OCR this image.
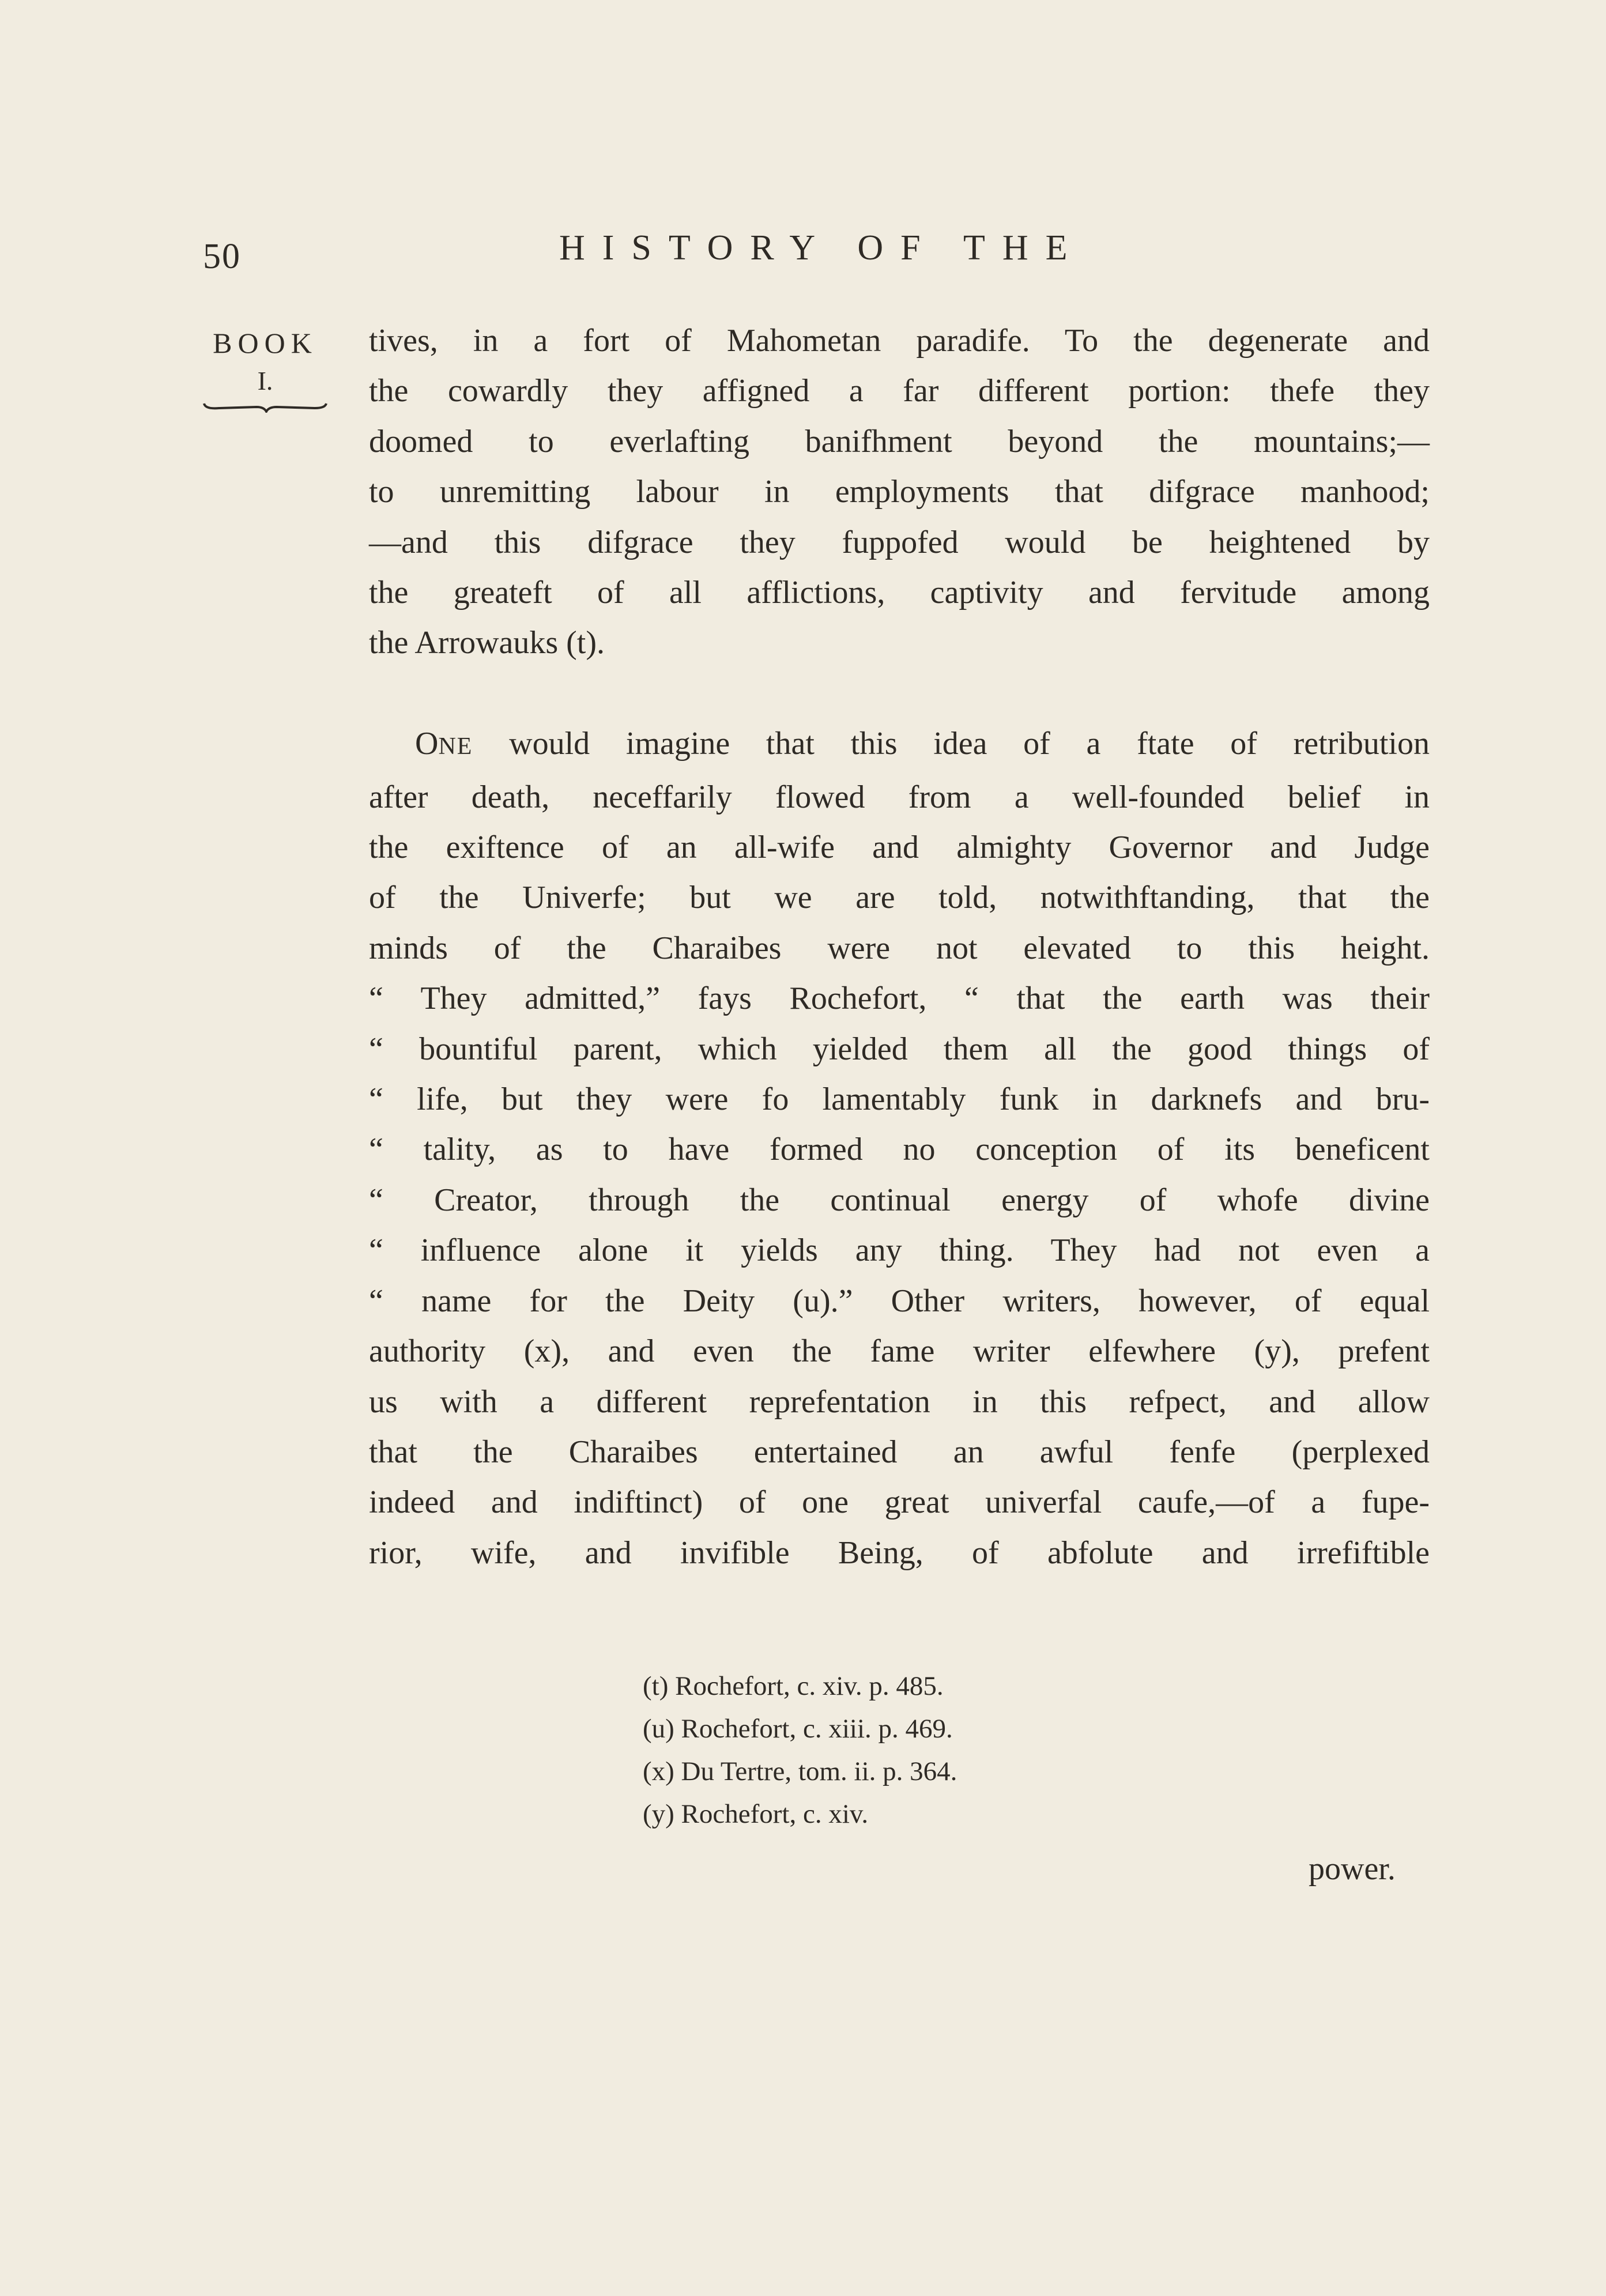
50	HISTORY OF THE
BOOK
I.
tives, in a fort of Mahometan paradife. To the degenerate and
the cowardly they affigned a far different portion: thefe they
doomed to everlafting banifhment beyond the mountains;—
to unremitting labour in employments that difgrace manhood;
—and this difgrace they fuppofed would be heightened by
the greateft of all afflictions, captivity and fervitude among
the Arrowauks (t).
ONE would imagine that this idea of a ftate of retribution
after death, neceffarily flowed from a well-founded belief in
the exiftence of an all-wife and almighty Governor and Judge
of the Univerfe; but we are told, notwithftanding, that the
minds of the Charaibes were not elevated to this height.
“ They admitted,” fays Rochefort, “ that the earth was their
“ bountiful parent, which yielded them all the good things of
“ life, but they were fo lamentably funk in darknefs and bru-
“ tality, as to have formed no conception of its beneficent
“ Creator, through the continual energy of whofe divine
“ influence alone it yields any thing. They had not even a
“ name for the Deity (u).” Other writers, however, of equal
authority (x), and even the fame writer elfewhere (y), prefent
us with a different reprefentation in this refpect, and allow
that the Charaibes entertained an awful fenfe (perplexed
indeed and indiftinct) of one great univerfal caufe,—of a fupe-
rior, wife, and invifible Being, of abfolute and irrefiftible
(t) Rochefort, c. xiv. p. 485.
(u) Rochefort, c. xiii. p. 469.
(x) Du Tertre, tom. ii. p. 364.
(y) Rochefort, c. xiv.
power.
